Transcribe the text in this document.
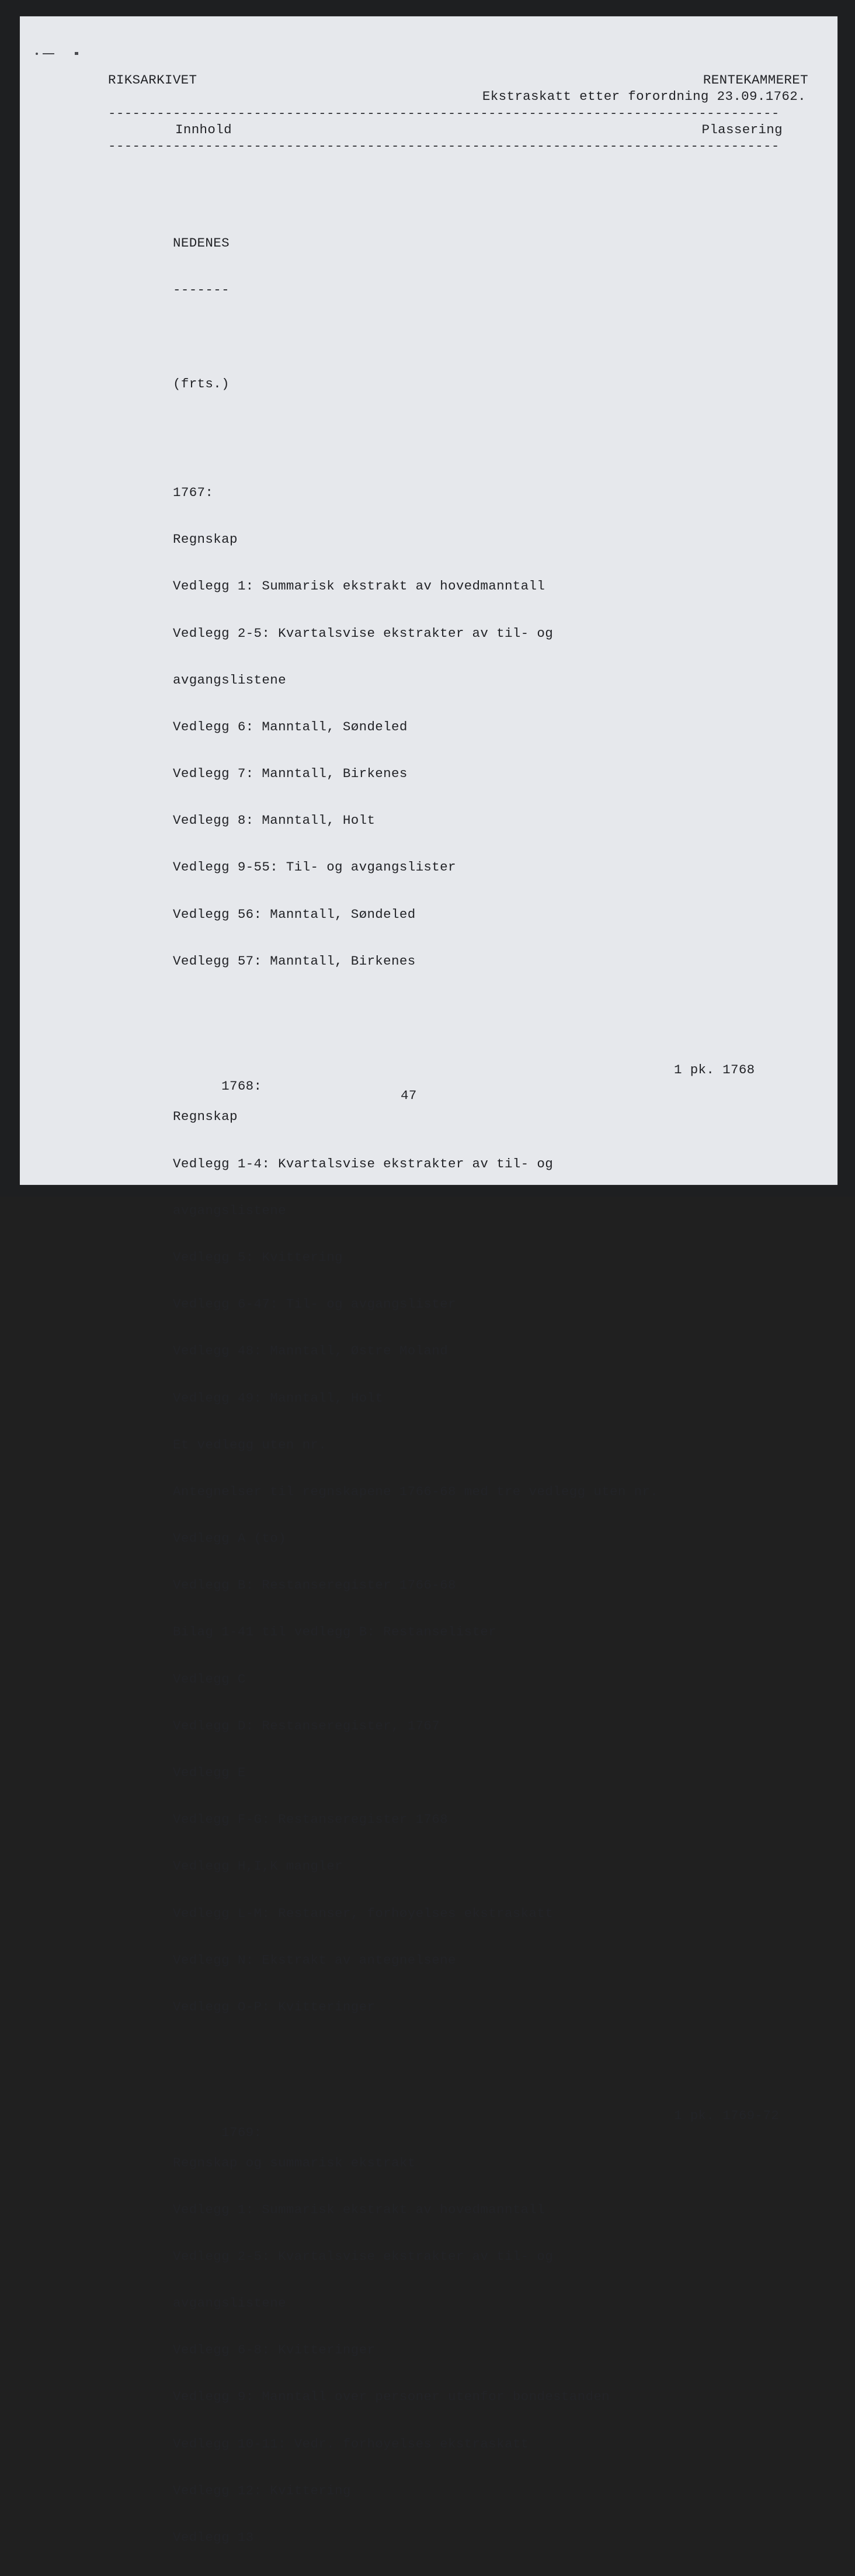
RIKSARKIVET	RENTEKAMMERET
Ekstraskatt etter forordning 23.09.1762.
-----------------------------------------------------------------------------------
Innhold	Plassering
-----------------------------------------------------------------------------------

NEDENES

-------

(frts.)

1767:

Regnskap

Vedlegg 1: Summarisk ekstrakt av hovedmanntall

Vedlegg 2-5: Kvartalsvise ekstrakter av til- og

avgangslistene

Vedlegg 6: Manntall, Søndeled

Vedlegg 7: Manntall, Birkenes

Vedlegg 8: Manntall, Holt

Vedlegg 9-55: Til- og avgangslister

Vedlegg 56: Manntall, Søndeled

Vedlegg 57: Manntall, Birkenes

1768:

1 pk. 1768

Regnskap

Vedlegg 1-4: Kvartalsvise ekstrakter av til- og

avgangslistene

Vedlegg 5: Kvittering

Vedlegg 6-47: Til- og avgangslister

Vedlegg 48: Manntall, Østre Moland

Vedlegg 49: Manntall, Holt

Et vedlegg uten nr.

Antegnelser til regnskapene 1766-68 med tre vedlegg uten nr.

Vedlegg A (to)

Vedlegg B: Restanseregister 1766-68

Bilag 1-41 til vedlegg B: Restanselister

Vedlegg C

Vedlegg D: Restanseregister, 1767

Vedlegg E

Vedlegg F-G: Restanseregister 1768

Vedlegg H,I,K mangler

Vedlegg L-M: Restanser, forhøyelses ekstraskatt

Vedlegg N: Ekstrakt av antegnelsene

Vedlegg O-P: Kvitteringer

1769:

1 pk. 1769-72

Regnskap og summarisk ekstrakt

Vedlegg 1: Summarisk ekstrakt av hovedmanntall

Vedlegg 2-5: Kvartalsvise ekstrakter av til- og

avgangslistene

Vedlegg 6-8: Kvitteringer

Vedlegg 9: Manntall over personer utenfor bondestanden

Vedlegg 10-11: Vedr. forhøyelses ekstraskatt

Vedlegg 12: Kvittering

Vedlegg 13

47
